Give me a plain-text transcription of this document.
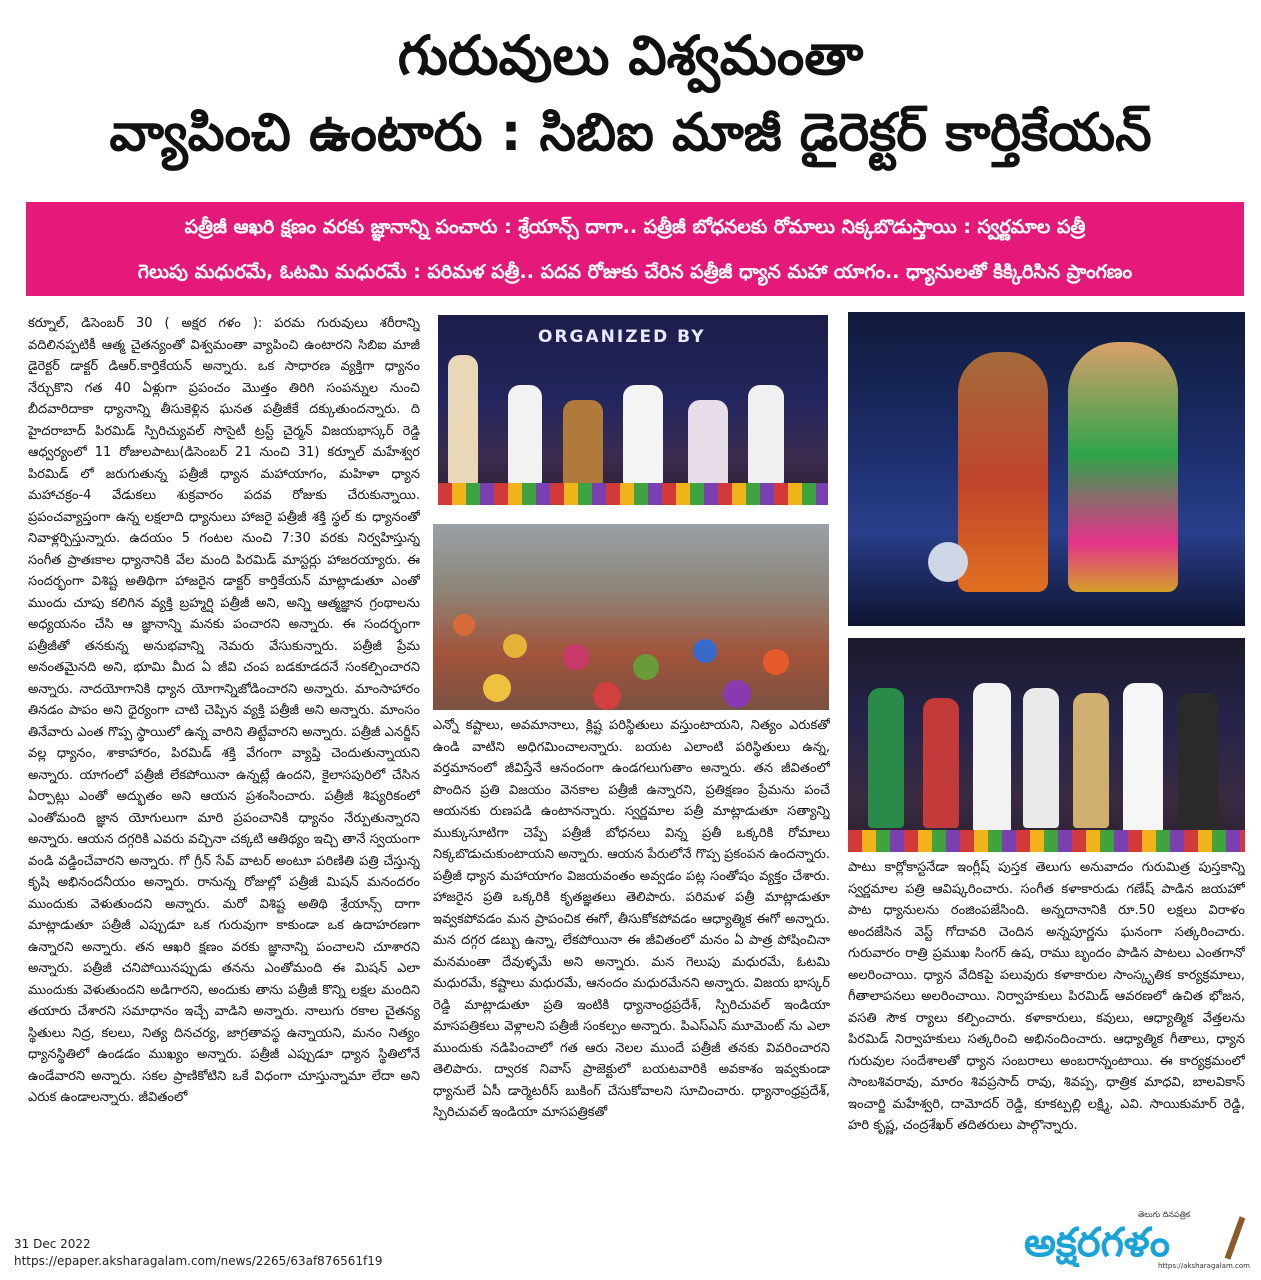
గురువులు విశ్వమంతా
వ్యాపించి ఉంటారు : సిబిఐ మాజీ డైరెక్టర్ కార్తికేయన్
పత్రీజీ ఆఖరి క్షణం వరకు జ్ఞానాన్ని పంచారు : శ్రేయాన్స్ దాగా.. పత్రీజీ బోధనలకు రోమాలు నిక్కబొడుస్తాయి : స్వర్ణమాల పత్రీ
గెలుపు మధురమే, ఓటమి మధురమే : పరిమళ పత్రీ.. పదవ రోజుకు చేరిన పత్రీజీ ధ్యాన మహా యాగం.. ధ్యానులతో కిక్కిరిసిన ప్రాంగణం
కర్నూల్, డిసెంబర్ 30 ( అక్షర గళం ): పరమ గురువులు శరీరాన్ని వదిలినప్పటికీ ఆత్మ చైతన్యంతో విశ్వమంతా వ్యాపించి ఉంటారని సిబిఐ మాజీ డైరెక్టర్ డాక్టర్ డిఆర్.కార్తికేయన్ అన్నారు. ఒక సాధారణ వ్యక్తిగా ధ్యానం నేర్చుకొని గత 40 ఏళ్లుగా ప్రపంచం మొత్తం తిరిగి సంపన్నుల నుంచి బీదవారిదాకా ధ్యానాన్ని తీసుకెళ్లిన ఘనత పత్రీజీకే దక్కుతుందన్నారు. ది హైదరాబాద్ పిరమిడ్ స్పిరిచ్యువల్ సొసైటీ ట్రస్ట్ చైర్మన్ విజయభాస్కర్ రెడ్డి ఆధ్వర్యంలో 11 రోజులపాటు(డిసెంబర్ 21 నుంచి 31) కర్నూల్ మహేశ్వర పిరమిడ్ లో జరుగుతున్న పత్రీజీ ధ్యాన మహాయాగం, మహిళా ధ్యాన మహాచక్రం-4 వేడుకలు శుక్రవారం పదవ రోజుకు చేరుకున్నాయి. ప్రపంచవ్యాప్తంగా ఉన్న లక్షలాది ధ్యానులు హాజరై పత్రీజీ శక్తి స్థల్ కు ధ్యానంతో నివాళ్లర్పిస్తున్నారు. ఉదయం 5 గంటల నుంచి 7:30 వరకు నిర్వహిస్తున్న సంగీత ప్రాతఃకాల ధ్యానానికి వేల మంది పిరమిడ్ మాస్టర్లు హాజరయ్యారు. ఈ సందర్భంగా విశిష్ట అతిథిగా హాజరైన డాక్టర్ కార్తికేయన్ మాట్లాడుతూ ఎంతో ముందు చూపు కలిగిన వ్యక్తి బ్రహ్మర్షి పత్రీజీ అని, అన్ని ఆత్మజ్ఞాన గ్రంథాలను అధ్యయనం చేసి ఆ జ్ఞానాన్ని మనకు పంచారని అన్నారు. ఈ సందర్భంగా పత్రీజీతో తనకున్న అనుభవాన్ని నెమరు వేసుకున్నారు. పత్రీజీ ప్రేమ అనంతమైనది అని, భూమి మీద ఏ జీవి చంప బడకూడదనే సంకల్పించారని అన్నారు. నాదయోగానికి ధ్యాన యోగాన్నిజోడించారని అన్నారు. మాంసాహారం తినడం పాపం అని ధైర్యంగా చాటి చెప్పిన వ్యక్తి పత్రీజీ అని అన్నారు. మాంసం తినేవారు ఎంత గొప్ప స్థాయిలో ఉన్న వారిని తిట్టేవారని అన్నారు. పత్రీజీ ఎనర్జీస్ వల్ల ధ్యానం, శాకాహారం, పిరమిడ్ శక్తి వేగంగా వ్యాప్తి చెందుతున్నాయని అన్నారు. యాగంలో పత్రీజీ లేకపోయినా ఉన్నట్లే ఉందని, కైలాసపురిలో చేసిన ఏర్పాట్లు ఎంతో అద్భుతం అని ఆయన ప్రశంసించారు. పత్రీజీ శిష్యరికంలో ఎంతోమంది జ్ఞాన యోగులుగా మారి ప్రపంచానికి ధ్యానం నేర్పుతున్నారని అన్నారు. ఆయన దగ్గరికి ఎవరు వచ్చినా చక్కటి ఆతిథ్యం ఇచ్చి తానే స్వయంగా వండి వడ్డించేవారని అన్నారు. గో గ్రీన్ సేవ్ వాటర్ అంటూ పరిణితి పత్రి చేస్తున్న కృషి అభినందనీయం అన్నారు. రానున్న రోజుల్లో పత్రీజీ మిషన్ మనందరం ముందుకు వెళుతుందని అన్నారు. మరో విశిష్ట అతిథి శ్రేయాన్స్ దాగా మాట్లాడుతూ పత్రీజీ ఎప్పుడూ ఒక గురువుగా కాకుండా ఒక ఉదాహరణగా ఉన్నారని అన్నారు. తన ఆఖరి క్షణం వరకు జ్ఞానాన్ని పంచాలని చూశారని అన్నారు. పత్రీజీ చనిపోయినప్పుడు తనను ఎంతోమంది ఈ మిషన్ ఎలా ముందుకు వెళుతుందని అడిగారని, అందుకు తాను పత్రీజీ కొన్ని లక్షల మందిని తయారు చేశారని సమాధానం ఇచ్చే వాడిని అన్నారు. నాలుగు రకాల చైతన్య స్థితులు నిద్ర, కలలు, నిత్య దినచర్య, జాగ్రతావస్థ ఉన్నాయని, మనం నిత్యం ధ్యానస్థితిలో ఉండడం ముఖ్యం అన్నారు. పత్రీజీ ఎప్పుడూ ధ్యాన స్థితిలోనే ఉండేవారని అన్నారు. సకల ప్రాణికోటిని ఒకే విధంగా చూస్తున్నామా లేదా అని ఎరుక ఉండాలన్నారు. జీవితంలో
ORGANIZED BY
ఎన్నో కష్టాలు, అవమానాలు, క్లిష్ట పరిస్థితులు వస్తుంటాయని, నిత్యం ఎరుకతో ఉండి వాటిని అధిగమించాలన్నారు. బయట ఎలాంటి పరిస్థితులు ఉన్న, వర్తమానంలో జీవిస్తేనే ఆనందంగా ఉండగలుగుతాం అన్నారు. తన జీవితంలో పొందిన ప్రతి విజయం వెనకాల పత్రీజీ ఉన్నారని, ప్రతిక్షణం ప్రేమను పంచే ఆయనకు రుణపడి ఉంటానన్నారు. స్వర్ణమాల పత్రీ మాట్లాడుతూ సత్యాన్ని ముక్కుసూటిగా చెప్పే పత్రీజీ బోధనలు విన్న ప్రతీ ఒక్కరికి రోమాలు నిక్కబొడుచుకుంటాయని అన్నారు. ఆయన పేరులోనే గొప్ప ప్రకంపన ఉందన్నారు. పత్రీజీ ధ్యాన మహాయాగం విజయవంతం అవ్వడం పట్ల సంతోషం వ్యక్తం చేశారు. హాజరైన ప్రతి ఒక్కరికి కృతజ్ఞతలు తెలిపారు. పరిమళ పత్రీ మాట్లాడుతూ ఇవ్వకపోవడం మన ప్రాపంచిక ఈగో, తీసుకోకపోవడం ఆధ్యాత్మిక ఈగో అన్నారు. మన దగ్గర డబ్బు ఉన్నా, లేకపోయినా ఈ జీవితంలో మనం ఏ పాత్ర పోషించినా మనమంతా దేవుళ్ళమే అని అన్నారు. మన గెలుపు మధురమే, ఓటమి మధురమే, కష్టాలు మధురమే, ఆనందం మధురమేనని అన్నారు. విజయ భాస్కర్ రెడ్డి మాట్లాడుతూ ప్రతి ఇంటికి ధ్యానాంధ్రప్రదేశ్, స్పిరిచువల్ ఇండియా మాసపత్రికలు వెళ్లాలని పత్రీజీ సంకల్పం అన్నారు. పిఎస్ఎస్ మూమెంట్ ను ఎలా ముందుకు నడిపించాలో గత ఆరు నెలల ముందే పత్రీజీ తనకు వివరించారని తెలిపారు. ద్వారక నివాస్ ప్రాజెక్టులో బయటవారికి అవకాశం ఇవ్వకుండా ధ్యానులే ఏసీ డార్మెటరీస్ బుకింగ్ చేసుకోవాలని సూచించారు. ధ్యానాంధ్రప్రదేశ్, స్పిరిచువల్ ఇండియా మాసపత్రికతో
పాటు కార్లోకాస్టనేడా ఇంగ్లీష్ పుస్తక తెలుగు అనువాదం గురుమిత్ర పుస్తకాన్ని స్వర్ణమాల పత్రి ఆవిష్కరించారు. సంగీత కళాకారుడు గణేష్ పాడిన జయహో పాట ధ్యానులను రంజింపజేసింది. అన్నదానానికి రూ.50 లక్షలు విరాళం అందజేసిన వెస్ట్ గోదావరి చెందిన అన్నపూర్ణను ఘనంగా సత్కరించారు. గురువారం రాత్రి ప్రముఖ సింగర్ ఉష, రాము బృందం పాడిన పాటలు ఎంతగానో అలరించాయి. ధ్యాన వేదికపై పలువురు కళాకారుల సాంస్కృతిక కార్యక్రమాలు, గీతాలాపనలు అలరించాయి. నిర్వాహకులు పిరమిడ్ ఆవరణలో ఉచిత భోజన, వసతి సౌక ర్యాలు కల్పించారు. కళాకారులు, కవులు, ఆధ్యాత్మిక వేత్తలను పిరమిడ్ నిర్వాహకులు సత్కరించి అభినందించారు. ఆధ్యాత్మిక గీతాలు, ధ్యాన గురువుల సందేశాలతో ధ్యాన సంబరాలు అంబరాన్నంటాయి. ఈ కార్యక్రమంలో సాంబశివరావు, మారం శివప్రసాద్ రావు, శివప్ప, ధాత్రిక మాధవి, బాలవికాస్ ఇంచార్జి మహేశ్వరి, దామోదర్ రెడ్డి, కూకట్పల్లి లక్ష్మి, ఎవి. సాయికుమార్ రెడ్డి, హరి కృష్ణ, చంద్రశేఖర్ తదితరులు పాల్గొన్నారు.
31 Dec 2022
https://epaper.aksharagalam.com/news/2265/63af876561f19
తెలుగు దినపత్రిక
అక్షరగళం
https://aksharagalam.com
